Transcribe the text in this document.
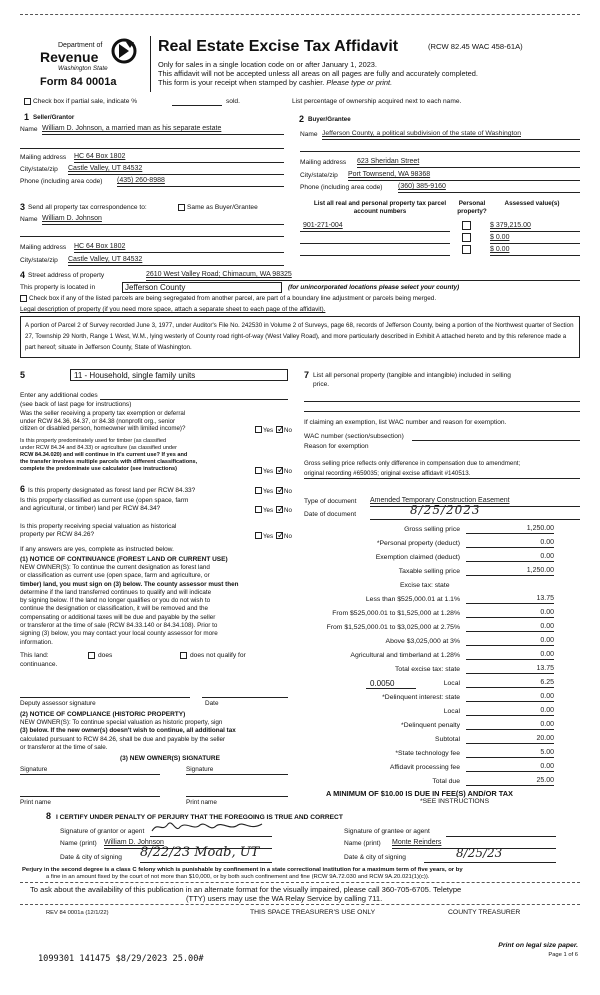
Department of
Revenue
Washington State
Form 84 0001a
Real Estate Excise Tax Affidavit	(RCW 82.45 WAC 458-61A)
Only for sales in a single location code on or after January 1, 2023.
This affidavit will not be accepted unless all areas on all pages are fully and accurately completed.
This form is your receipt when stamped by cashier. Please type or print.
Check box if partial sale, indicate %	sold.	List percentage of ownership acquired next to each name.
1 Seller/Grantor
Name William D. Johnson, a married man as his separate estate
Mailing address HC 64 Box 1802
City/state/zip Castle Valley, UT 84532
Phone (including area code) (435) 260-8988
2 Buyer/Grantee
Name Jefferson County, a political subdivision of the state of Washington
Mailing address 623 Sheridan Street
City/state/zip Port Townsend, WA 98368
Phone (including area code) (360) 385-9160
3 Send all property tax correspondence to:	Same as Buyer/Grantee
Name William D. Johnson
Mailing address HC 64 Box 1802
City/state/zip Castle Valley, UT 84532
List all real and personal property tax parcel account numbers
Personal property?
Assessed value(s)
901-271-004	$ 379,215.00
$ 0.00
$ 0.00
4 Street address of property	2610 West Valley Road; Chimacum, WA 98325
This property is located in	Jefferson County	(for unincorporated locations please select your county)
Check box if any of the listed parcels are being segregated from another parcel, are part of a boundary line adjustment or parcels being merged.
Legal description of property (if you need more space, attach a separate sheet to each page of the affidavit).
A portion of Parcel 2 of Survey recorded June 3, 1977, under Auditor's File No. 242530 in Volume 2 of Surveys, page 68, records of Jefferson County, being a portion of the Northwest quarter of Section 27, Township 29 North, Range 1 West, W.M., lying westerly of County road right-of-way (West Valley Road), and more particularly described in Exhibit A attached hereto and by this reference made a part hereof; situate in Jefferson County, State of Washington.
5	11 - Household, single family units
Enter any additional codes
(see back of last page for instructions)
Was the seller receiving a property tax exemption or deferral
under RCW 84.36, 84.37, or 84.38 (nonprofit org., senior
citizen or disabled person, homeowner with limited income)?	Yes ✓ No
Is this property predominately used for timber (as classified
under RCW 84.34 and 84.33) or agriculture (as classified under
RCW 84.34.020) and will continue in it's current use? If yes and
the transfer involves multiple parcels with different classifications,
complete the predominate use calculator (see instructions)	Yes ✓ No
6 Is this property designated as forest land per RCW 84.33?	Yes ✓ No
Is this property classified as current use (open space, farm
and agricultural, or timber) land per RCW 84.34?	Yes ✓ No
Is this property receiving special valuation as historical
property per RCW 84.26?	Yes ✓ No
If any answers are yes, complete as instructed below.
(1) NOTICE OF CONTINUANCE (FOREST LAND OR CURRENT USE)
NEW OWNER(S): To continue the current designation as forest land
or classification as current use (open space, farm and agriculture, or
timber) land, you must sign on (3) below. The county assessor must then
determine if the land transferred continues to qualify and will indicate
by signing below. If the land no longer qualifies or you do not wish to
continue the designation or classification, it will be removed and the
compensating or additional taxes will be due and payable by the seller
or transferor at the time of sale (RCW 84.33.140 or 84.34.108). Prior to
signing (3) below, you may contact your local county assessor for more
information.
This land:	does	does not qualify for
continuance.
Deputy assessor signature	Date
(2) NOTICE OF COMPLIANCE (HISTORIC PROPERTY)
NEW OWNER(S): To continue special valuation as historic property, sign
(3) below. If the new owner(s) doesn't wish to continue, all additional tax
calculated pursuant to RCW 84.26, shall be due and payable by the seller
or transferor at the time of sale.
(3) NEW OWNER(S) SIGNATURE
Signature	Signature
Print name	Print name
7 List all personal property (tangible and intangible) included in selling
price.
If claiming an exemption, list WAC number and reason for exemption.
WAC number (section/subsection)
Reason for exemption
Gross selling price reflects only difference in compensation due to amendment;
original recording #659035; original excise affidavit #140513.
Type of document Amended Temporary Construction Easement
Date of document	8/25/2023
Gross selling price	1,250.00
*Personal property (deduct)	0.00
Exemption claimed (deduct)	0.00
Taxable selling price	1,250.00
Excise tax: state
Less than $525,000.01 at 1.1%	13.75
From $525,000.01 to $1,525,000 at 1.28%	0.00
From $1,525,000.01 to $3,025,000 at 2.75%	0.00
Above $3,025,000 at 3%	0.00
Agricultural and timberland at 1.28%	0.00
Total excise tax: state	13.75
0.0050	Local	6.25
*Delinquent interest: state	0.00
Local	0.00
*Delinquent penalty	0.00
Subtotal	20.00
*State technology fee	5.00
Affidavit processing fee	0.00
Total due	25.00
A MINIMUM OF $10.00 IS DUE IN FEE(S) AND/OR TAX
*SEE INSTRUCTIONS
8 I CERTIFY UNDER PENALTY OF PERJURY THAT THE FOREGOING IS TRUE AND CORRECT
Signature of grantor or agent	Signature of grantee or agent
Name (print) William D. Johnson	Name (print) Monte Reinders
Date & city of signing 8/22/23 Moab, UT	Date & city of signing	8/25/23
Perjury in the second degree is a class C felony which is punishable by confinement in a state correctional institution for a maximum term of five years, or by
a fine in an amount fixed by the court of not more than $10,000, or by both such confinement and fine (RCW 9A.72.030 and RCW 9A.20.021(1)(c)).
To ask about the availability of this publication in an alternate format for the visually impaired, please call 360-705-6705. Teletype
(TTY) users may use the WA Relay Service by calling 711.
REV 84 0001a (12/1/22)	THIS SPACE TREASURER'S USE ONLY	COUNTY TREASURER
Print on legal size paper.
Page 1 of 6
1099301 141475 $8/29/2023 25.00#
